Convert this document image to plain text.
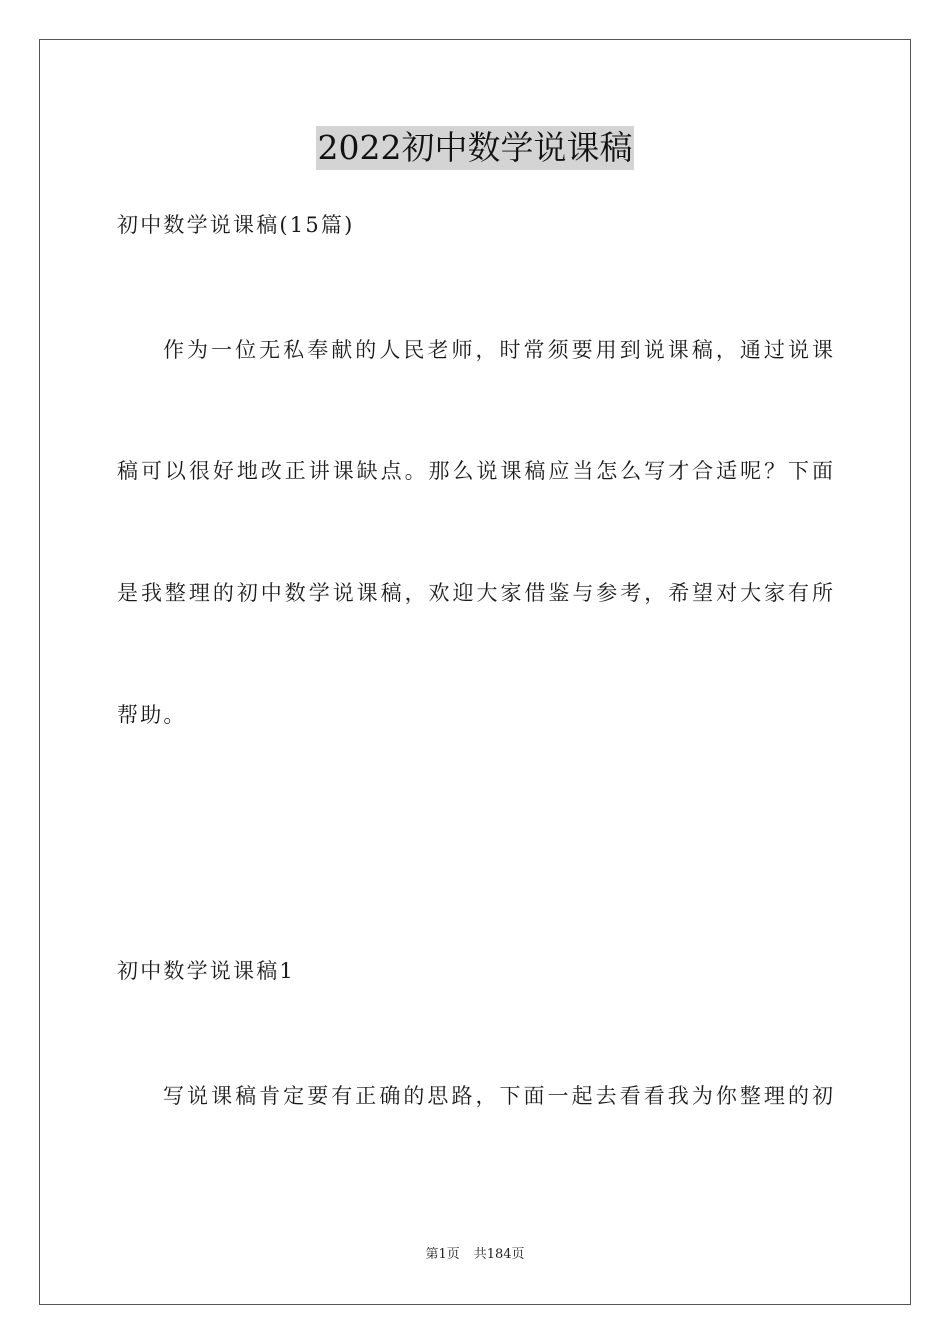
2022初中数学说课稿
初中数学说课稿(15篇)
作为一位无私奉献的人民老师，时常须要用到说课稿，通过说课
稿可以很好地改正讲课缺点。那么说课稿应当怎么写才合适呢？下面
是我整理的初中数学说课稿，欢迎大家借鉴与参考，希望对大家有所
帮助。
初中数学说课稿1
写说课稿肯定要有正确的思路，下面一起去看看我为你整理的初
第1页 共184页
